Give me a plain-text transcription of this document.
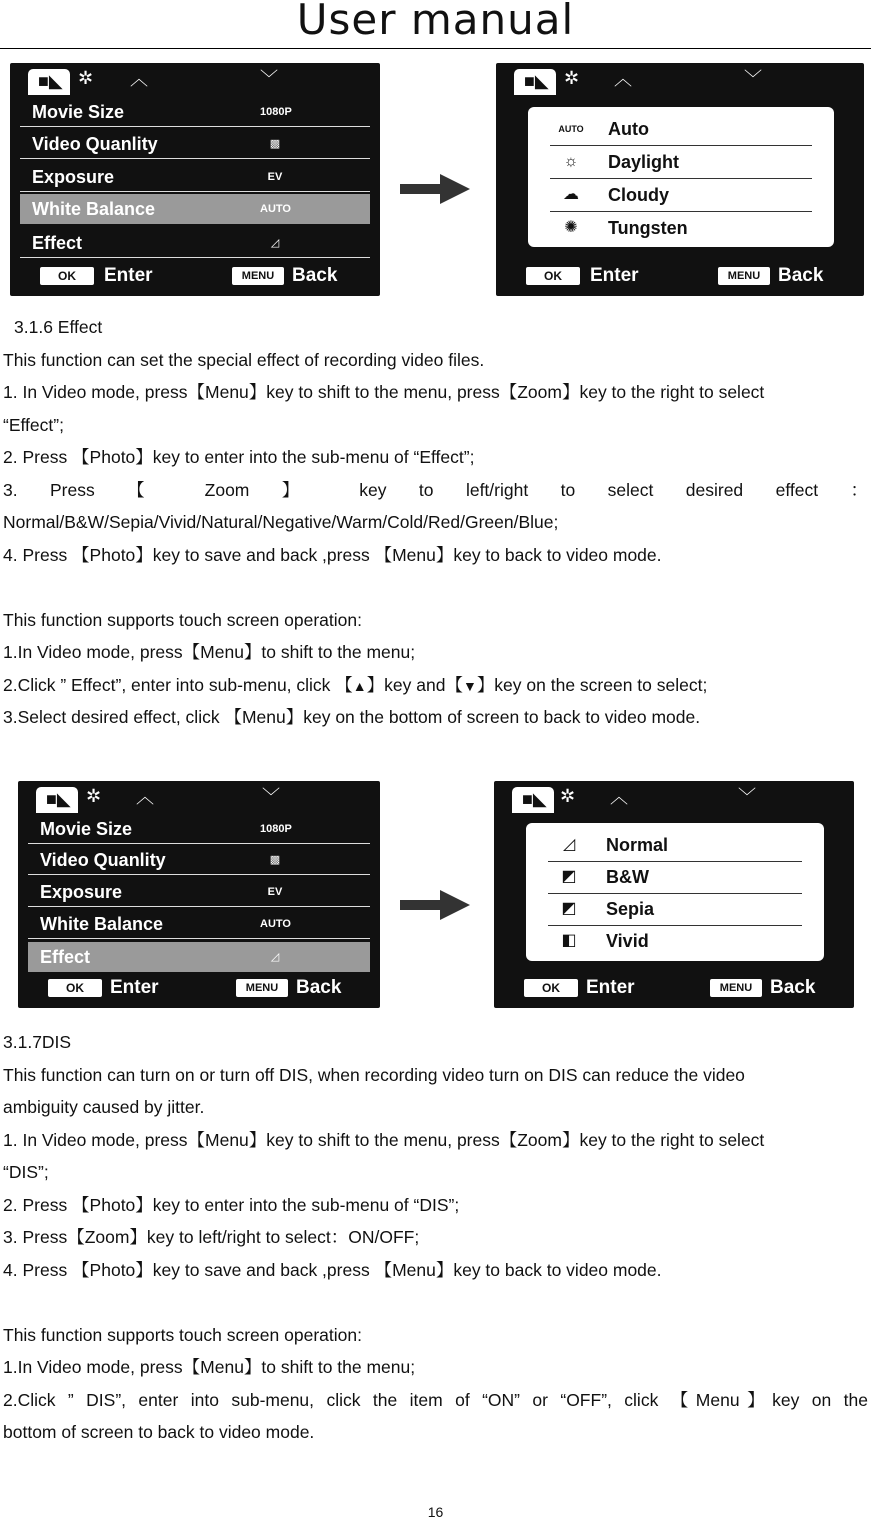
User manual
■◣ ✲ ︿	﹀
Movie Size	1080P
Video Quanlity	▩
Exposure	EV
White Balance	AUTO
Effect	◿
OK	Enter	MENU Back
■◣ ✲ ︿	﹀
AUTO Auto
☼	Daylight
☁ Cloudy
✺	Tungsten
OK	Enter	MENU Back
3.1.6 Effect
This function can set the special effect of recording video files.
1. In Video mode, press【Menu】key to shift to the menu, press【Zoom】key to the right to select
“Effect”;
2. Press 【Photo】key to enter into the sub-menu of “Effect”;
3. Press 【 Zoom 】 key to left/right to select desired effect ：
Normal/B&W/Sepia/Vivid/Natural/Negative/Warm/Cold/Red/Green/Blue;
4. Press 【Photo】key to save and back ,press 【Menu】key to back to video mode.
This function supports touch screen operation:
1.In Video mode, press【Menu】to shift to the menu;
2.Click ” Effect”, enter into sub-menu, click 【▲】key and【▼】key on the screen to select;
3.Select desired effect, click 【Menu】key on the bottom of screen to back to video mode.
■◣ ✲ ︿	﹀
Movie Size	1080P
Video Quanlity	▩
Exposure	EV
White Balance	AUTO
Effect	◿
OK	Enter	MENU Back
■◣ ✲ ︿	﹀
◿	Normal
◩	B&W
◩	Sepia
◧	Vivid
OK	Enter	MENU Back
3.1.7DIS
This function can turn on or turn off DIS, when recording video turn on DIS can reduce the video
ambiguity caused by jitter.
1. In Video mode, press【Menu】key to shift to the menu, press【Zoom】key to the right to select
“DIS”;
2. Press 【Photo】key to enter into the sub-menu of “DIS”;
3. Press【Zoom】key to left/right to select：ON/OFF;
4. Press 【Photo】key to save and back ,press 【Menu】key to back to video mode.
This function supports touch screen operation:
1.In Video mode, press【Menu】to shift to the menu;
2.Click ” DIS”, enter into sub-menu, click the item of “ON” or “OFF”, click 【Menu】key on the
bottom of screen to back to video mode.
16
